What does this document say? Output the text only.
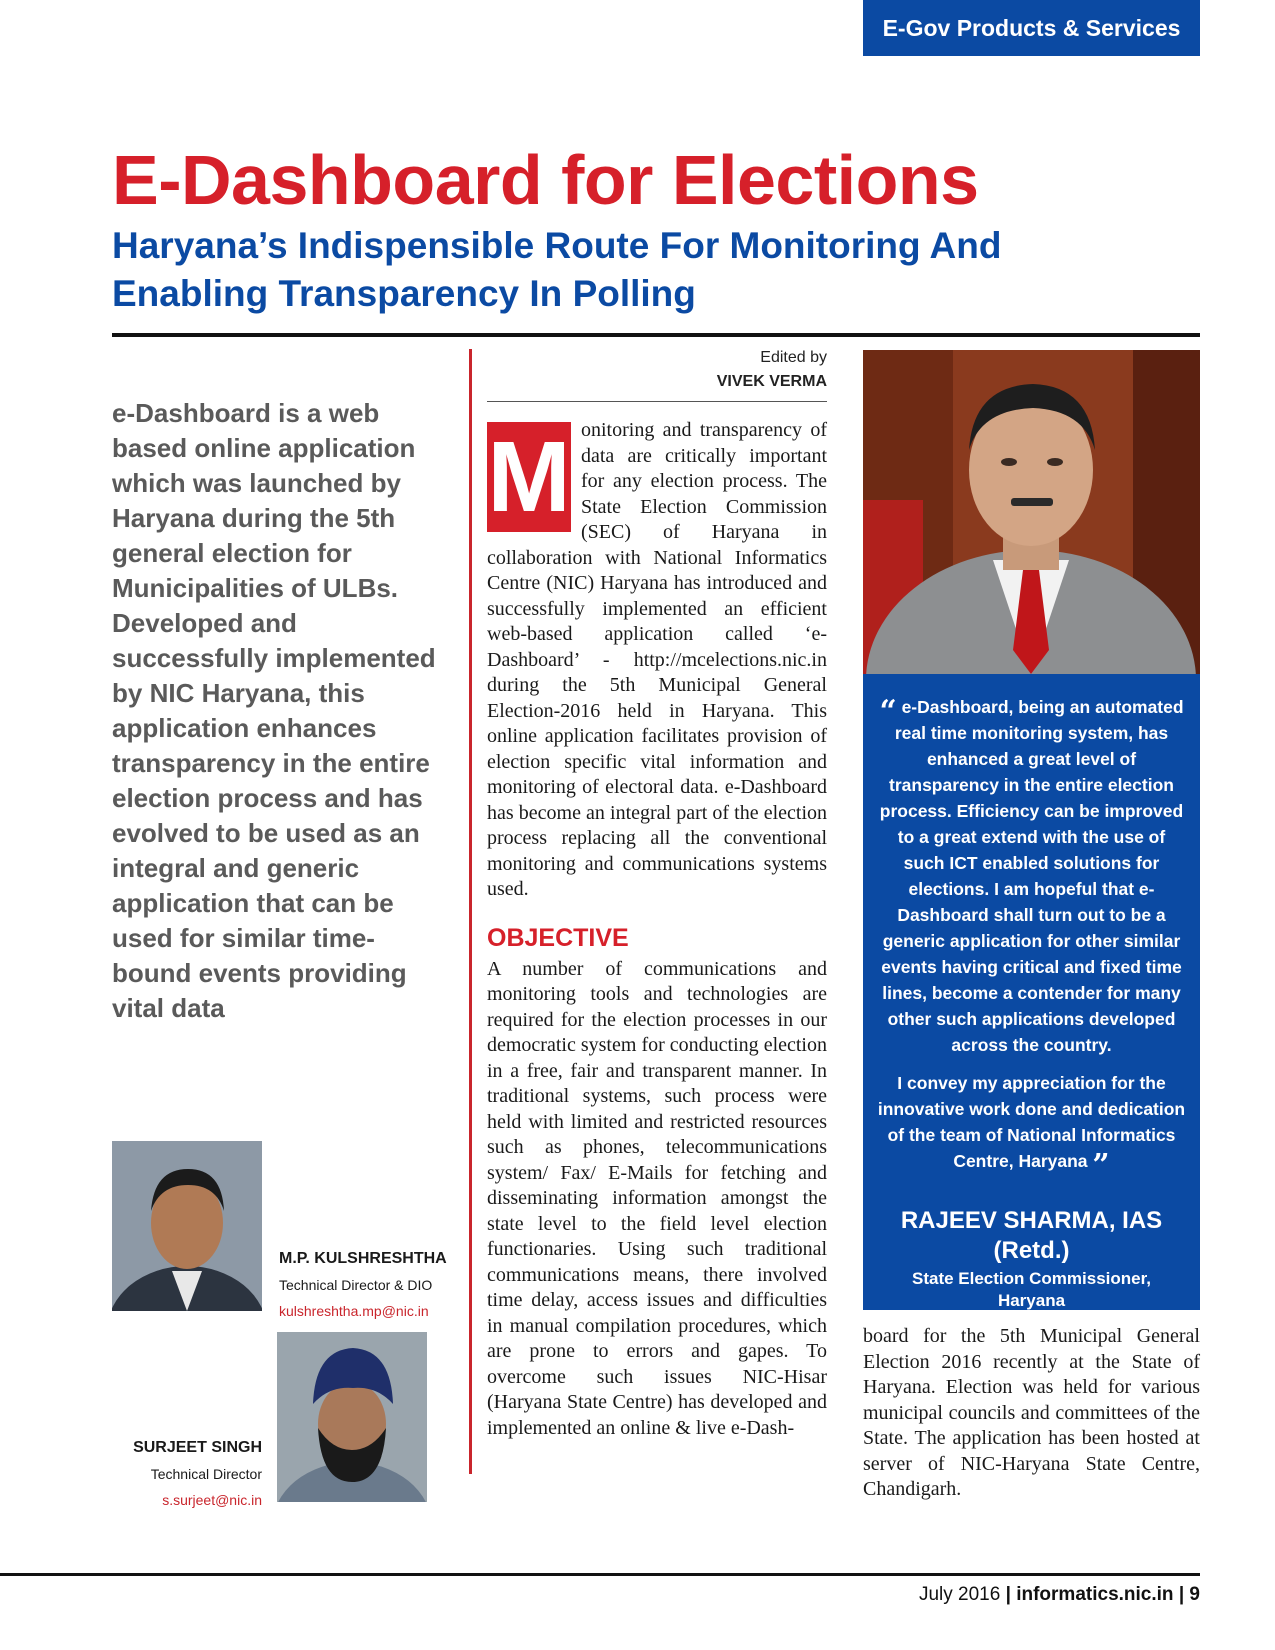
E-Gov Products & Services
E-Dashboard for Elections
Haryana’s Indispensible Route For Monitoring And Enabling Transparency In Polling
e-Dashboard is a web based online application which was launched by Haryana during the 5th general election for Municipalities of ULBs. Developed and successfully implemented by NIC Haryana, this application enhances transparency in the entire election process and has evolved to be used as an integral and generic application that can be used for similar time-bound events providing vital data
Edited by
VIVEK VERMA
M onitoring and transparency of data are critically important for any election process. The State Election Commission (SEC) of Haryana in collaboration with National Informatics Centre (NIC) Haryana has introduced and successfully implemented an efficient web-based application called ‘e-Dashboard’ - http://mcelections.nic.in during the 5th Municipal General Election-2016 held in Haryana. This online application facilitates provision of election specific vital information and monitoring of electoral data. e-Dashboard has become an integral part of the election process replacing all the conventional monitoring and communications systems used.

OBJECTIVE

A number of communications and monitoring tools and technologies are required for the election processes in our democratic system for conducting election in a free, fair and transparent manner. In traditional systems, such process were held with limited and restricted resources such as phones, telecommunications system/ Fax/ E-Mails for fetching and disseminating information amongst the state level to the field level election functionaries. Using such traditional communications means, there involved time delay, access issues and difficulties in manual compilation procedures, which are prone to errors and gapes. To overcome such issues NIC-Hisar (Haryana State Centre) has developed and implemented an online & live e-Dash-

“ e-Dashboard, being an automated real time monitoring system, has enhanced a great level of transparency in the entire election process. Efficiency can be improved to a great extend with the use of such ICT enabled solutions for elections. I am hopeful that e-Dashboard shall turn out to be a generic application for other similar events having critical and fixed time lines, become a contender for many other such applications developed across the country.

I convey my appreciation for the innovative work done and dedication of the team of National Informatics Centre, Haryana ”

RAJEEV SHARMA, IAS (Retd.)

State Election Commissioner, Haryana

board for the 5th Municipal General Election 2016 recently at the State of Haryana. Election was held for various municipal councils and committees of the State. The application has been hosted at server of NIC-Haryana State Centre, Chandigarh.
M.P. KULSHRESHTHA
Technical Director & DIO
kulshreshtha.mp@nic.in
SURJEET SINGH
Technical Director
s.surjeet@nic.in
July 2016 | informatics.nic.in | 9
